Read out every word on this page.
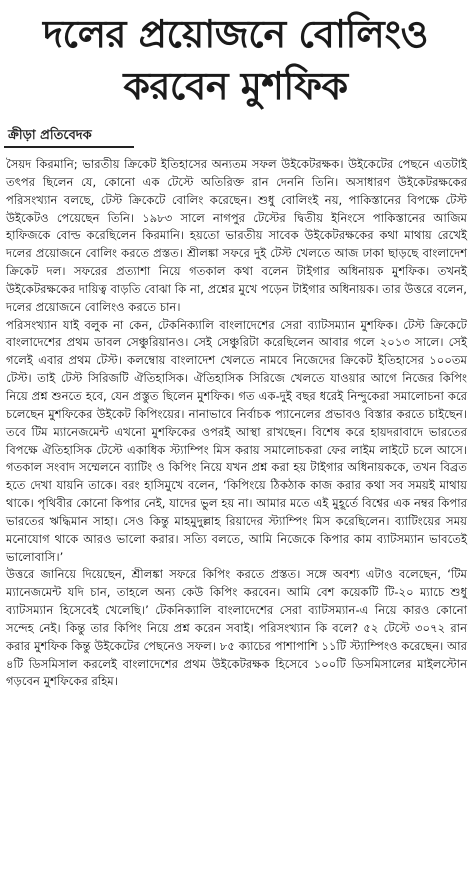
দলের প্রয়োজনে বোলিংও
করবেন মুশফিক
ক্রীড়া প্রতিবেদক

সৈয়দ কিরমানি; ভারতীয় ক্রিকেট ইতিহাসের অন্যতম সফল উইকেটরক্ষক। উইকেটের পেছনে এতটাই তৎপর ছিলেন যে, কোনো এক টেস্টে অতিরিক্ত রান দেননি তিনি। অসাধারণ উইকেটরক্ষকের পরিসংখ্যান বলছে, টেস্ট ক্রিকেটে বোলিং করেছেন। শুধু বোলিংই নয়, পাকিস্তানের বিপক্ষে টেস্ট উইকেটও পেয়েছেন তিনি। ১৯৮৩ সালে নাগপুর টেস্টের দ্বিতীয় ইনিংসে পাকিস্তানের আজিম হাফিজকে বোল্ড করেছিলেন কিরমানি। হয়তো ভারতীয় সাবেক উইকেটরক্ষকের কথা মাথায় রেখেই দলের প্রয়োজনে বোলিং করতে প্রস্তত। শ্রীলঙ্কা সফরে দুই টেস্ট খেলতে আজ ঢাকা ছাড়ছে বাংলাদেশ ক্রিকেট দল। সফরের প্রত্যাশা নিয়ে গতকাল কথা বলেন টাইগার অধিনায়ক মুশফিক। তখনই উইকেটরক্ষকের দায়িত্ব বাড়তি বোঝা কি না, প্রশ্নের মুখে পড়েন টাইগার অধিনায়ক। তার উত্তরে বলেন, দলের প্রয়োজনে বোলিংও করতে চান।

পরিসংখ্যান যাই বলুক না কেন, টেকনিক্যালি বাংলাদেশের সেরা ব্যাটসম্যান মুশফিক। টেস্ট ক্রিকেটে বাংলাদেশের প্রথম ডাবল সেঞ্চুরিয়ানও। সেই সেঞ্চুরিটা করেছিলেন আবার গলে ২০১৩ সালে। সেই গলেই এবার প্রথম টেস্ট। কলম্বোয় বাংলাদেশ খেলতে নামবে নিজেদের ক্রিকেট ইতিহাসের ১০০তম টেস্ট। তাই টেস্ট সিরিজটি ঐতিহাসিক। ঐতিহাসিক সিরিজে খেলতে যাওয়ার আগে নিজের কিপিং নিয়ে প্রশ্ন শুনতে হবে, যেন প্রস্তুত ছিলেন মুশফিক। গত এক-দুই বছর ধরেই নিন্দুকেরা সমালোচনা করে চলেছেন মুশফিকের উইকেট কিপিংয়ের। নানাভাবে নির্বাচক প্যানেলের প্রভাবও বিস্তার করতে চাইছেন। তবে টিম ম্যানেজমেন্ট এখনো মুশফিকের ওপরই আস্থা রাখছেন। বিশেষ করে হায়দরাবাদে ভারতের বিপক্ষে ঐতিহাসিক টেস্টে একাধিক স্ট্যাম্পিং মিস করায় সমালোচকরা ফের লাইম লাইটে চলে আসে। গতকাল সংবাদ সম্মেলনে ব্যাটিং ও কিপিং নিয়ে যখন প্রশ্ন করা হয় টাইগার অধিনায়ককে, তখন বিব্রত হতে দেখা যায়নি তাকে। বরং হাসিমুখে বলেন, ‘কিপিংয়ে ঠিকঠাক কাজ করার কথা সব সময়ই মাথায় থাকে। পৃথিবীর কোনো কিপার নেই, যাদের ভুল হয় না। আমার মতে এই মুহূর্তে বিশ্বের এক নম্বর কিপার ভারতের ঋদ্ধিমান সাহা। সেও কিন্তু মাহমুদুল্লাহ রিয়াদের স্ট্যাম্পিং মিস করেছিলেন। ব্যাটিংয়ের সময় মনোযোগ থাকে আরও ভালো করার। সত্যি বলতে, আমি নিজেকে কিপার কাম ব্যাটসম্যান ভাবতেই ভালোবাসি।’

উত্তরে জানিয়ে দিয়েছেন, শ্রীলঙ্কা সফরে কিপিং করতে প্রস্তত। সঙ্গে অবশ্য এটাও বলেছেন, ‘টিম ম্যানেজমেন্ট যদি চান, তাহলে অন্য কেউ কিপিং করবেন। আমি বেশ কয়েকটি টি-২০ ম্যাচে শুধু ব্যাটসম্যান হিসেবেই খেলেছি।’ টেকনিক্যালি বাংলাদেশের সেরা ব্যাটসম্যান-এ নিয়ে কারও কোনো সন্দেহ নেই। কিন্তু তার কিপিং নিয়ে প্রশ্ন করেন সবাই। পরিসংখ্যান কি বলে? ৫২ টেস্টে ৩০৭২ রান করার মুশফিক কিন্তু উইকেটের পেছনেও সফল। ৮৫ ক্যাচের পাশাপাশি ১১টি স্ট্যাম্পিংও করেছেন। আর ৪টি ডিসমিসাল করলেই বাংলাদেশের প্রথম উইকেটরক্ষক হিসেবে ১০০টি ডিসমিসালের মাইলস্টোন গড়বেন মুশফিকের রহিম।
